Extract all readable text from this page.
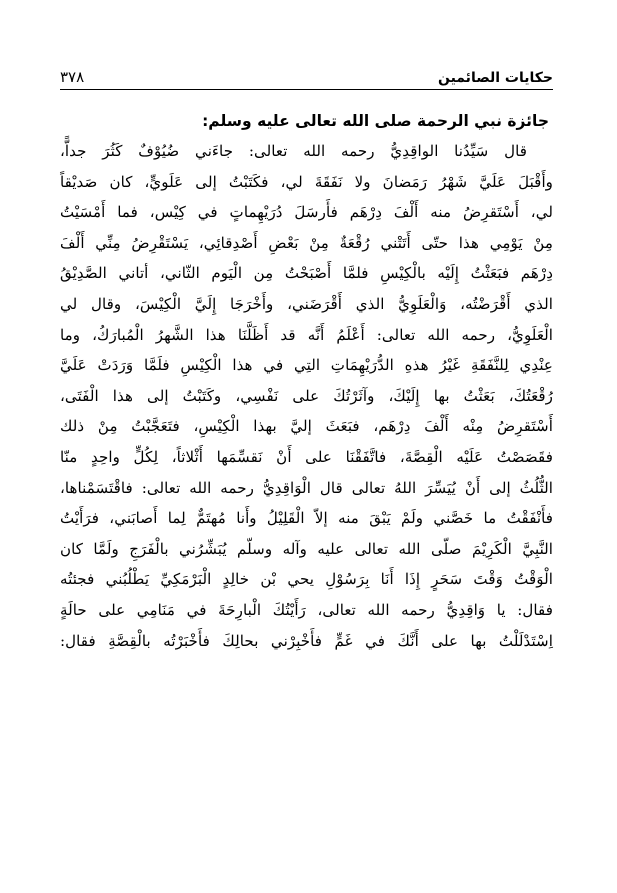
حكايات الصائمين
٣٧٨
جائزة نبي الرحمة صلى الله تعالى عليه وسلم:
قال سَيِّدُنا الواقِدِيُّ رحمه الله تعالى: جاءَني ضُيُوْفٌ كَثُرَ جداًّ،
وأَقْبَلَ عَلَيَّ شَهْرُ رَمَضانَ ولا نَفَقَةَ لي، فكَتَبْتُ إلى عَلَويٍّ، كان صَديْقاً
لي، أَسْتَقرِضُ منه أَلْفَ دِرْهَم فأَرسَلَ دُرَيْهِماتٍ في كِيْس، فما أَمْسَيْتُ
مِنْ يَوْمِي هذا حتّى أَتَتْني رُقْعَةٌ مِنْ بَعْضِ أَصْدِقائِي، يَسْتَقْرِضُ مِنِّي أَلْفَ
دِرْهَم فبَعَثْتُ إِلَيْه بالْكِيْسِ فلمَّا أَصْبَحْتُ مِن الْيَوم الثّاني، أتاني الصَّدِيْقُ
الذي أَقْرَضْتُه، وَالْعَلَوِيُّ الذي أَقْرَضَني، وأَخْرَجَا إِلَيَّ الْكِيْسَ، وقال لي
الْعَلَوِيُّ، رحمه الله تعالى: أَعْلَمُ أَنَّه قد أَظَلَّنَا هذا الشَّهرُ الْمُبارَكُ، وما
عِنْدِي لِلنَّفَقَةِ غَيْرُ هذهِ الدُّرَيْهِمَاتِ التِي في هذا الْكِيْسِ فلَمَّا وَرَدَتْ عَلَيَّ
رُقْعَتُكَ، بَعَثْتُ بها إِلَيْكَ، وآثَرْتُكَ على نَفْسِي، وكَتَبْتُ إلى هذا الْفَتَى،
أَسْتَقرِضُ مِنْه أَلْفَ دِرْهَم، فبَعَثَ إليَّ بهذا الْكِيْسِ، فتَعَجَّبْتُ مِنْ ذلك
فقَصَصْتُ عَلَيْه الْقِصَّةَ، فاتَّفَقْنَا على أَنْ نَقسِّمَها أَثْلاثاً، لِكُلٍّ واحِدٍ منّا
الثُّلُثُ إلى أَنْ يُيَسِّرَ اللهُ تعالى قال الْوَاقِدِيُّ رحمه الله تعالى: فاقْتَسَمْناها،
فأَنْفَقْتُ ما خَصَّني ولَمْ يَبْقَ منه إلاّ الْقَلِيْلُ وأَنا مُهتَمٌّ لِما أَصابَني، فرَأَيْتُ
النَّبِيَّ الْكَرِيْمَ صلّى الله تعالى عليه وآله وسلّم يُبَشِّرُني بالْفَرَجِ ولَمَّا كان
الْوَقْتُ وَقْتَ سَحَرٍ إِذَا أَنَا بِرَسُوْلِ يحي بْن خالِدٍ الْبَرْمَكِيِّ يَطْلُبُني فجئتُه
فقال: يا وَاقِدِيُّ رحمه الله تعالى، رَأَيْتُكَ الْبارِحَةَ في مَنَامِي على حالَةٍ
اِسْتَدْلَلْتُ بها على أَنَّكَ في غَمٍّ فأَخْبِرْني بحالِكَ فأَخْبَرْتُه بالْقِصَّةِ فقال:
